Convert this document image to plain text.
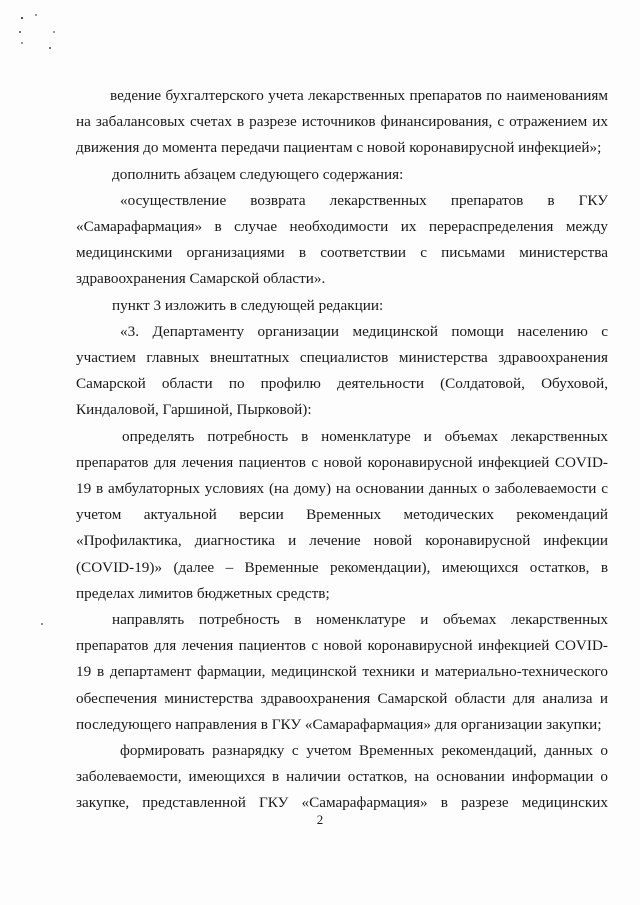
ведение бухгалтерского учета лекарственных препаратов по наименованиям на забалансовых счетах в разрезе источников финансирования, с отражением их движения до момента передачи пациентам с новой коронавирусной инфекцией»;

дополнить абзацем следующего содержания:

«осуществление возврата лекарственных препаратов в ГКУ «Самарафармация» в случае необходимости их перераспределения между медицинскими организациями в соответствии с письмами министерства здравоохранения Самарской области».

пункт 3 изложить в следующей редакции:

«3. Департаменту организации медицинской помощи населению с участием главных внештатных специалистов министерства здравоохранения Самарской области по профилю деятельности (Солдатовой, Обуховой, Киндаловой, Гаршиной, Пырковой):

определять потребность в номенклатуре и объемах лекарственных препаратов для лечения пациентов с новой коронавирусной инфекцией COVID-19 в амбулаторных условиях (на дому) на основании данных о заболеваемости с учетом актуальной версии Временных методических рекомендаций «Профилактика, диагностика и лечение новой коронавирусной инфекции (COVID-19)» (далее – Временные рекомендации), имеющихся остатков, в пределах лимитов бюджетных средств;

направлять потребность в номенклатуре и объемах лекарственных препаратов для лечения пациентов с новой коронавирусной инфекцией COVID-19 в департамент фармации, медицинской техники и материально-технического обеспечения министерства здравоохранения Самарской области для анализа и последующего направления в ГКУ «Самарафармация» для организации закупки;

формировать разнарядку с учетом Временных рекомендаций, данных о заболеваемости, имеющихся в наличии остатков, на основании информации о закупке, представленной ГКУ «Самарафармация» в разрезе медицинских

2
